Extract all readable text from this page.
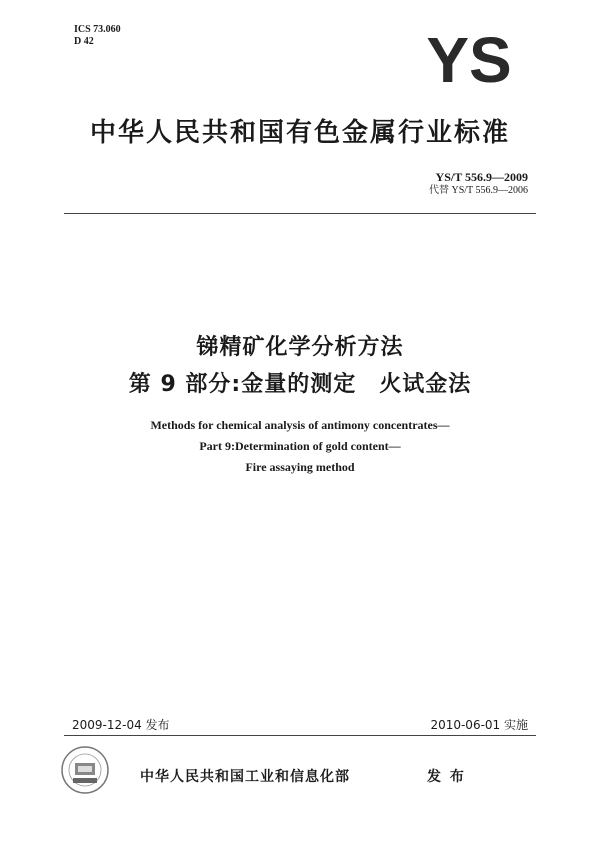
ICS 73.060
D 42	YS
中华人民共和国有色金属行业标准
YS/T 556.9—2009
代替 YS/T 556.9—2006
锑精矿化学分析方法
第 9 部分:金量的测定　火试金法
Methods for chemical analysis of antimony concentrates—
Part 9:Determination of gold content—
Fire assaying method
2009-12-04 发布	2010-06-01 实施
中华人民共和国工业和信息化部	发 布
